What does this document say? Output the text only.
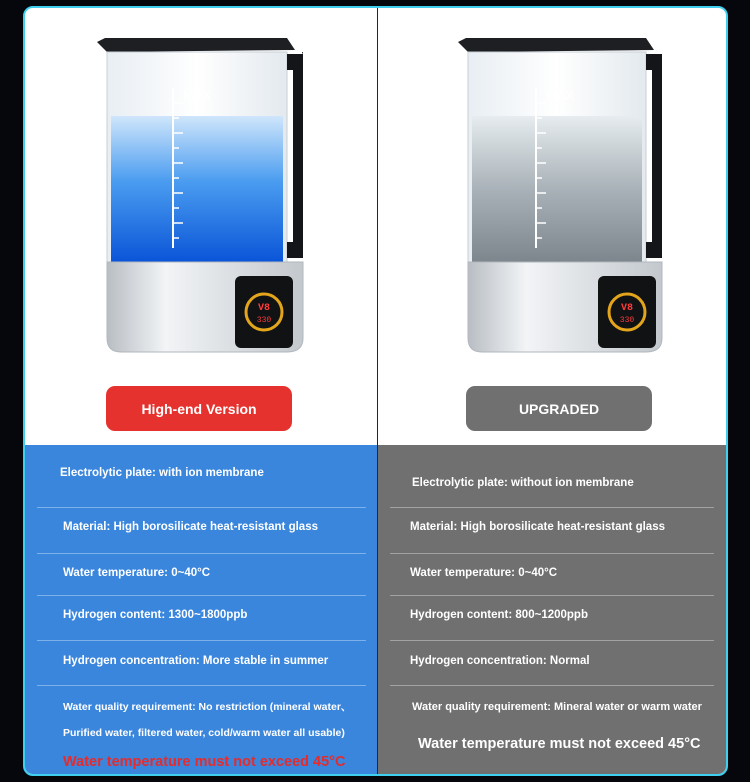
MAX
V8
330
High-end Version
Electrolytic plate: with ion membrane
Material: High borosilicate heat-resistant glass
Water temperature: 0~40°C
Hydrogen content: 1300~1800ppb
Hydrogen concentration: More stable in summer
Water quality requirement: No restriction (mineral water、
Purified water, filtered water, cold/warm water all usable)
Water temperature must not exceed 45°C
MAX
V8
330
UPGRADED
Electrolytic plate: without ion membrane
Material: High borosilicate heat-resistant glass
Water temperature: 0~40°C
Hydrogen content: 800~1200ppb
Hydrogen concentration: Normal
Water quality requirement: Mineral water or warm water
Water temperature must not exceed 45°C
